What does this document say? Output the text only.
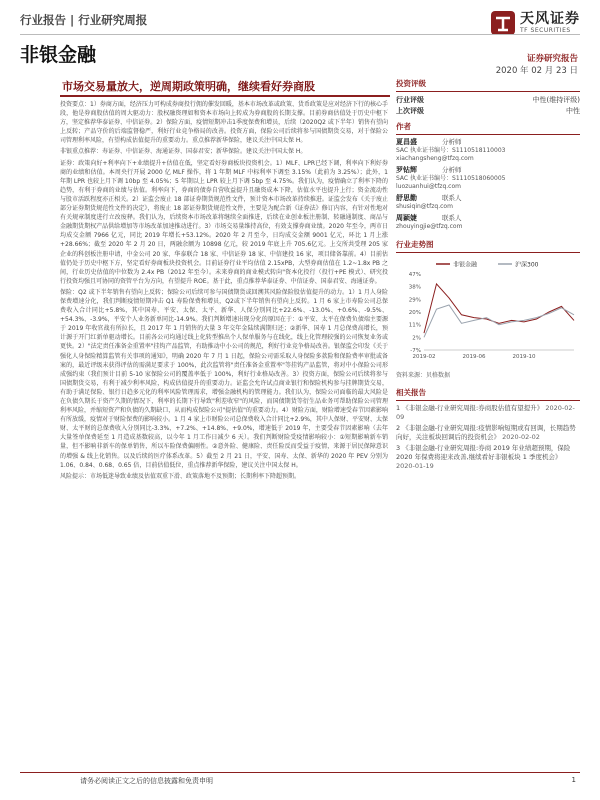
行业报告 | 行业研究周报	天风证券
TF SECURITIES
非银金融	证券研究报告
2020 年 02 月 23 日
市场交易量放大，逆周期政策明确，继续看好券商股

投资要点：1）券商方面，经济压力可构成券商投行佣的催发回暖，基本市场改革或政策、货币政策是应对经济下行的核心手段，他是券商股估值的周大驱动力：股权融资理如和资本市场向上转成为券商股的长期支撑。目前券商估值处于历史中枢下方，坚定推荐华泰证券、中信证券。2）保险方面，疫情短期冲击1季度保费和增员，后续（2020Q2 或下半年）销售有望向上反转；产品守价的后端监督稳严，利好行业竞争格局的改善。投资方面，保险公司后续将参与国债期货交易，对于保险公司管理利率风险，有望构成估值提升的重要动力。重点推荐新华保险，建议关注中国太保 H。

非银重点推荐：寿证券、中信证券、海通证券、国泰君安；新华保险。建议关注中国太保 H。

证券：政策向好+利率向下+业绩提升+估值在低，坚定看好券商板块投资机会。1）MLF、LPR已经下调，利率向下利好券商的业绩和估值。本周央行开展 2000 亿 MLF 操作，将 1 年期 MLF 中标利率下调至 3.15%（此前为 3.25%）；此外，1 年期 LPR 也较上月下调 10bp 至 4.05%；5 年期以上 LPR 较上月下调 5bp 至 4.75%。我们认为，疫情确立了利率下降的趋势，有利于券商的业绩与估值。利率向下，券商的债券自营收益提升且融资成本下降，估值水平也提升上行；资金流动性与股市活跃程度亦正相关。2）证监会废止 18 部证券期货规范性文件，预计资本市场改革持续推进。证监会发布《关于废止部分证券期货规范性文件的决定》，将废止 18 部证券期货规范性文件，主要是为配合新《证券法》修订内容，有针对性地对有关规章制度进行立改废释。我们认为，后续资本市场改革将继续全面推进，后续在业创业板注册制、转融通制度、商品与金融期货期权产品供给增加等市场改革加速推动进行。3）市场交易量维持高位，有效支撑券商业绩。2020 年至今，两市日均成交金额 7966 亿元，同比 2019 年增长+53.12%。2020 年 2 月至今，日均成交金额 9001 亿元，环比 1 月上涨+28.66%；截至 2020 年 2 月 20 日，两融余额为 10898 亿元，较 2019 年底上升 705.6亿元。上交所共受理 205 家企业的科创板注册申请，中金公司 20 家、华泰联合 18 家、中信证券 18 家、中信建投 16 家，项目储备靠前。4）目前估值仍处于历史中枢下方，坚定看好券商板块投资机会。目前证券行业平均估值 2.15xPB，大型券商估值在 1.2~1.8x PB 之间，行业历史估值的中位数为 2.4x PB（2012 年至今）。未来券商的商业模式转向"资本化投行（投行+PE 模式）、研究投行投资均强且可协同的资管平台为方向，有望提升 ROE。基于此，重点推荐华泰证券、中信证券、国泰君安、海通证券。

保险：Q2 或下半年销售有望向上反转；保险公司后续可参与国债期货或回溯其风险保险股估值提升的动力。1）1 月人身险保费增速分化，我们判断疫情短期冲击 Q1 寿险保费和增员，Q2或下半年销售有望向上反转。1 月 6 家上市寿险公司总保费收入合计同比+5.8%，其中国寿、平安、太保、太平、新华、人保分别同比+22.6%、-13.0%、+0.6%、-9.5%、+54.3%、-3.9%，平安个人业务新单同比-14.9%。我们判断增速出现分化的原因在于：①平安、太平在保费负债端主要源于 2019 年收官战有所拉长，且 2017 年 1 月销售的大量 3 年交年金陆续满期归还；②新华、国寿 1 月总保费高增长，预计源于开门红新单驱动增长。目前各公司均通过线上化转型推出个人保单服务与在线化，线上化管理较强的公司恢复业务或更快。2）"法定责任准备金重置率"挂钩产品监管，有助推动中小公司的规范，利好行业竞争格局改善。银保监会印发《关于强化人身保险精算监管有关事项的通知》，明确 2020 年 7 月 1 日起，保险公司需采取人身保险多款险和保险费率审批或备案的，最近评级未获得评估的需满足要求于 100%，此次监管将"责任准备金重置率"等挂钩产品监管，将对中小保险公司形成强约束（我们预计目前 5-10 家保险公司的覆盖率低于 100%，利好行业格局改善。3）投资方面，保险公司后续将参与国债期货交易，有利于减少利率风险，构成估值提升的重要动力。证监会允许试点商业银行和保险机构参与挂牌期货交易，有助于满足保险、银行日趋多元化的利率风险管理需求，增强金融机构的管理能力。我们认为，保险公司面临的最大风险是在负债久期长于资产久期的情况下，利率的长期下行导致"利差收窄"的风险，而国债期货等衍生品业务可帮助保险公司管理利率风险，并缩短资产和负债的久期缺口，从而构成保险公司"提估值"的重要动力。4）财险方面，财险增速受春节因素影响有所放缓，疫情对于财险保费的影响较小。1 月 4 家上市财险公司总保费收入合计同比+2.9%，其中人保财、平安财、太保财、太平财的总保费收入分别同比-3.3%、+7.2%、+14.8%、+9.0%，增速低于 2019 年，主要受春节因素影响（去年大量签单保费延至 1 月造成基数较高，以今年 1 月工作日减少 6 天）。我们判断财险受疫情影响较小：①短期影响新车销量，但不影响非新车的保单销售，所以车险保费偏刚性。②意外险、健康险、责任险反而受益于疫情，来源于居民保障意识的增强 & 线上化销售。以及后续的医疗体系改革。5）截至 2 月 21 日，平安、国寿、太保、新华的 2020 年 PEV 分别为 1.06、0.84、0.68、0.65 倍，目前估值低位，重点推荐新华保险，建议关注中国太保 H。

风险提示：市场低迷导致业绩及估值双重下滑、政策落地不及预期；长期利率下降超预期。

投资评级
行业评级	中性(维持评级)
上次评级	中性
作者
夏昌盛	分析师
SAC 执业证书编号：S1110518110003
xiachangsheng@tfzq.com
罗钻辉	分析师
SAC 执业证书编号：S1110518060005
luozuanhui@tfzq.com
舒思勤	联系人
shusiqin@tfzq.com
周颖婕	联系人
zhouyingjie@tfzq.com
行业走势图
非银金融	沪深300
47%
38%
29%
20%
11%
2%
-7%
2019-02	2019-06	2019-10
资料来源：贝格数据
相关报告
1 《非银金融-行业研究周报:券商股估值有望提升》 2020-02-09
2 《非银金融-行业研究周报:疫情影响短期或有回调，长期趋势向好，关注板块回调后的投资机会》 2020-02-02
3 《非银金融-行业研究周报:券商 2019 年业绩超预期，保险 2020 年保费将迎来改善,继续看好非银板块 1 季度机会》 2020-01-19
请务必阅读正文之后的信息披露和免责申明	1
